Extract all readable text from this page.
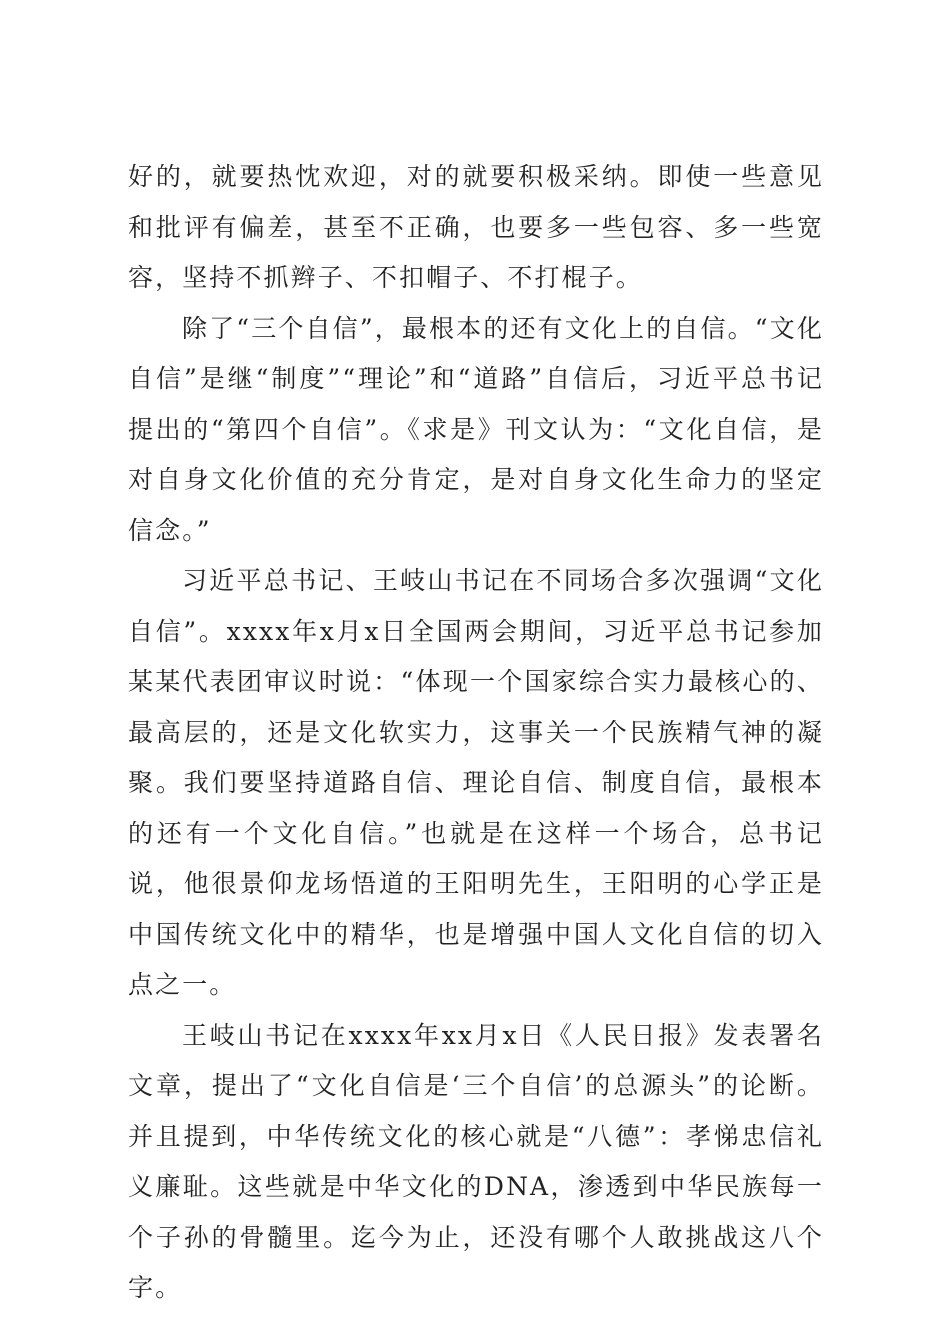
好的，就要热忱欢迎，对的就要积极采纳。即使一些意见和批评有偏差，甚至不正确，也要多一些包容、多一些宽容，坚持不抓辫子、不扣帽子、不打棍子。

除了“三个自信”，最根本的还有文化上的自信。“文化自信”是继“制度”“理论”和“道路”自信后，习近平总书记提出的“第四个自信”。《求是》刊文认为：“文化自信，是对自身文化价值的充分肯定，是对自身文化生命力的坚定信念。”

习近平总书记、王岐山书记在不同场合多次强调“文化自信”。xxxx年x月x日全国两会期间，习近平总书记参加某某代表团审议时说：“体现一个国家综合实力最核心的、最高层的，还是文化软实力，这事关一个民族精气神的凝聚。我们要坚持道路自信、理论自信、制度自信，最根本的还有一个文化自信。”也就是在这样一个场合，总书记说，他很景仰龙场悟道的王阳明先生，王阳明的心学正是中国传统文化中的精华，也是增强中国人文化自信的切入点之一。

王岐山书记在xxxx年xx月x日《人民日报》发表署名文章，提出了“文化自信是‘三个自信’的总源头”的论断。并且提到，中华传统文化的核心就是“八德”：孝悌忠信礼义廉耻。这些就是中华文化的DNA，渗透到中华民族每一个子孙的骨髓里。迄今为止，还没有哪个人敢挑战这八个字。
